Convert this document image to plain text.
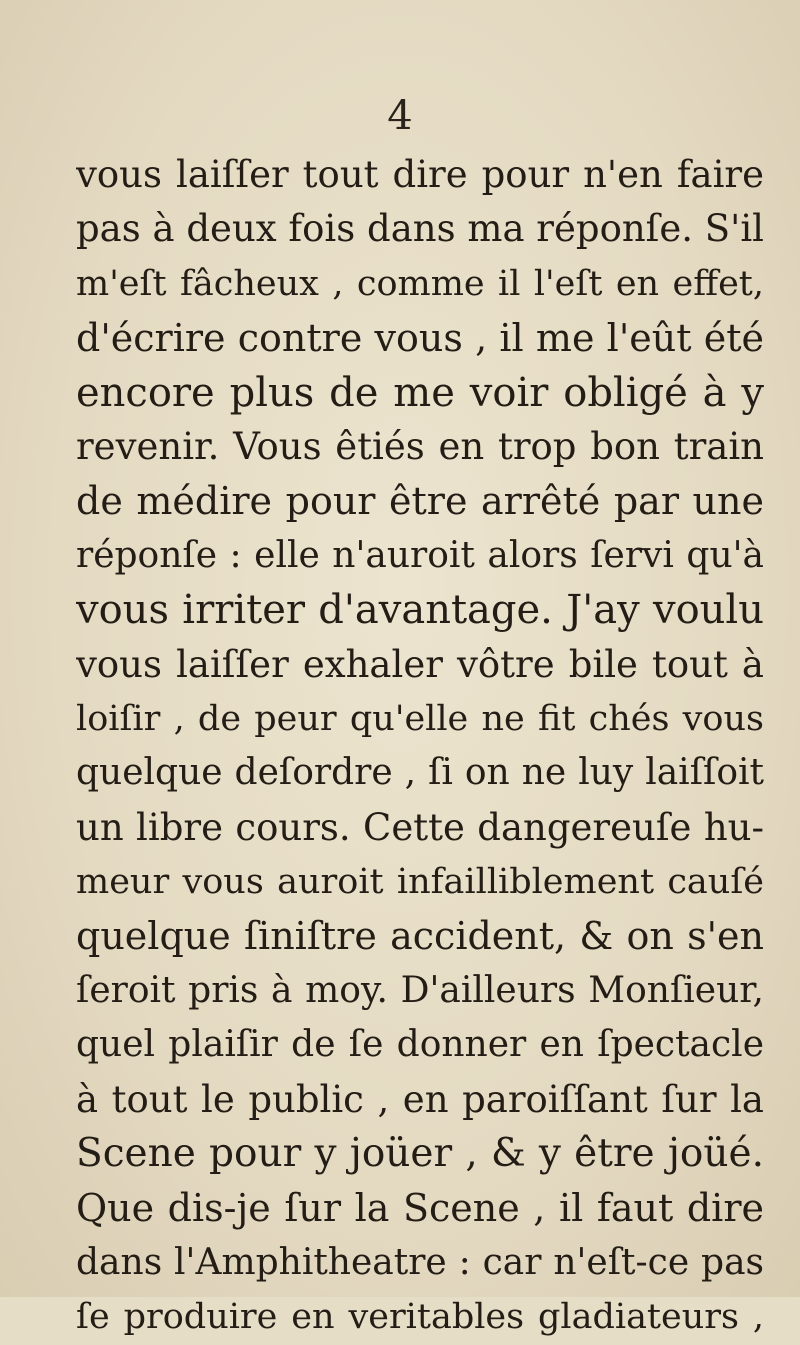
4
vous laiſſer tout dire pour n'en faire
pas à deux fois dans ma réponſe. S'il
m'eſt fâcheux , comme il l'eſt en effet,
d'écrire contre vous , il me l'eût été
encore plus de me voir obligé à y
revenir. Vous êtiés en trop bon train
de médire pour être arrêté par une
réponſe : elle n'auroit alors ſervi qu'à
vous irriter d'avantage. J'ay voulu
vous laiſſer exhaler vôtre bile tout à
loiſir , de peur qu'elle ne fit chés vous
quelque deſordre , ſi on ne luy laiſſoit
un libre cours. Cette dangereuſe hu-
meur vous auroit infailliblement cauſé
quelque ſiniſtre accident, & on s'en
ſeroit pris à moy. D'ailleurs Monſieur,
quel plaiſir de ſe donner en ſpectacle
à tout le public , en paroiſſant ſur la
Scene pour y joüer , & y être joüé.
Que dis-je ſur la Scene , il faut dire
dans l'Amphitheatre : car n'eſt-ce pas
ſe produire en veritables gladiateurs ,
